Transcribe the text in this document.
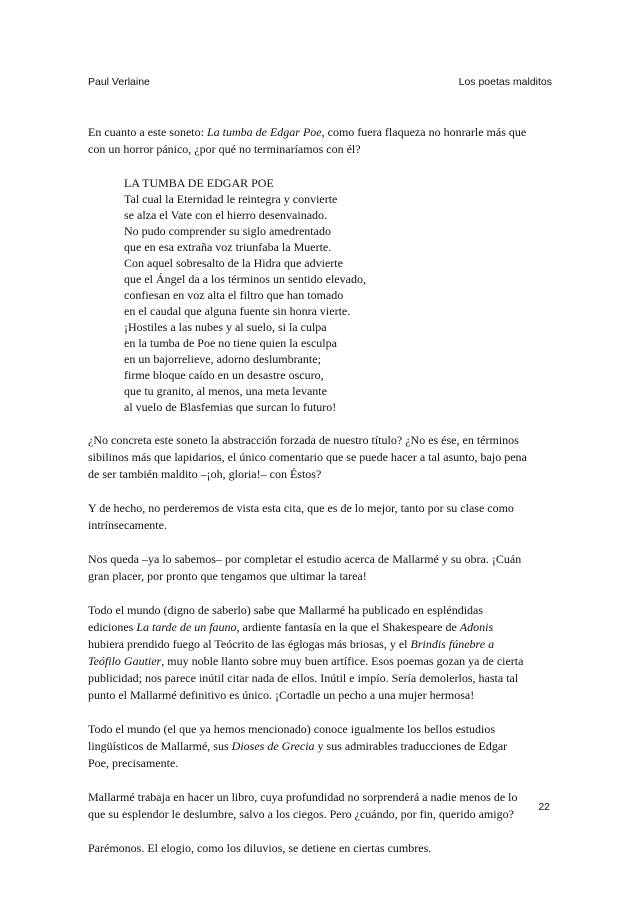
Paul Verlaine	Los poetas malditos

En cuanto a este soneto: La tumba de Edgar Poe, como fuera flaqueza no honrarle más que
con un horror pánico, ¿por qué no terminaríamos con él?

LA TUMBA DE EDGAR POE
Tal cual la Eternidad le reintegra y convierte
se alza el Vate con el hierro desenvainado.
No pudo comprender su siglo amedrentado
que en esa extraña voz triunfaba la Muerte.
Con aquel sobresalto de la Hidra que advierte
que el Ángel da a los términos un sentido elevado,
confiesan en voz alta el filtro que han tomado
en el caudal que alguna fuente sin honra vierte.
¡Hostiles a las nubes y al suelo, si la culpa
en la tumba de Poe no tiene quien la esculpa
en un bajorrelieve, adorno deslumbrante;
firme bloque caído en un desastre oscuro,
que tu granito, al menos, una meta levante
al vuelo de Blasfemias que surcan lo futuro!

¿No concreta este soneto la abstracción forzada de nuestro título? ¿No es ése, en términos
sibilinos más que lapidarios, el único comentario que se puede hacer a tal asunto, bajo pena
de ser también maldito –¡oh, gloria!– con Éstos?

Y de hecho, no perderemos de vista esta cita, que es de lo mejor, tanto por su clase como
intrínsecamente.

Nos queda –ya lo sabemos– por completar el estudio acerca de Mallarmé y su obra. ¡Cuán
gran placer, por pronto que tengamos que ultimar la tarea!

Todo el mundo (digno de saberlo) sabe que Mallarmé ha publicado en espléndidas
ediciones La tarde de un fauno, ardiente fantasía en la que el Shakespeare de Adonis
hubiera prendido fuego al Teócrito de las églogas más briosas, y el Brindis fúnebre a
Teófilo Gautier, muy noble llanto sobre muy buen artífice. Esos poemas gozan ya de cierta
publicidad; nos parece inútil citar nada de ellos. Inútil e impío. Sería demolerlos, hasta tal
punto el Mallarmé definitivo es único. ¡Cortadle un pecho a una mujer hermosa!

Todo el mundo (el que ya hemos mencionado) conoce igualmente los bellos estudios
lingüísticos de Mallarmé, sus Dioses de Grecia y sus admirables traducciones de Edgar
Poe, precisamente.

Mallarmé trabaja en hacer un libro, cuya profundidad no sorprenderá a nadie menos de lo
que su esplendor le deslumbre, salvo a los ciegos. Pero ¿cuándo, por fin, querido amigo?

Parémonos. El elogio, como los diluvios, se detiene en ciertas cumbres.

22
